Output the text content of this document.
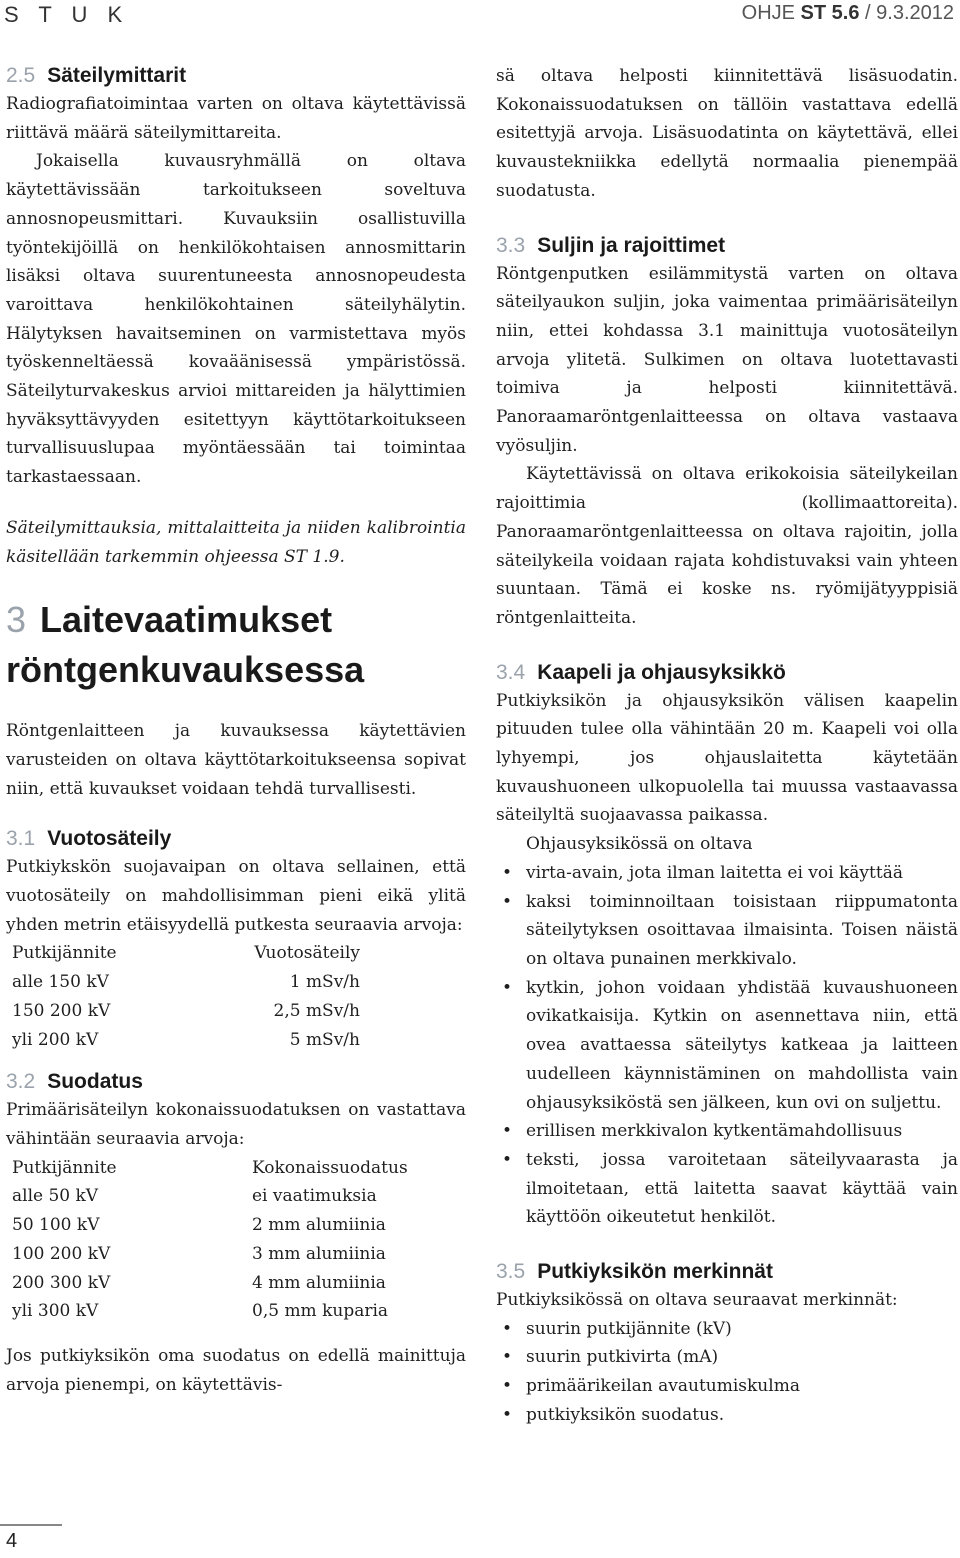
S T U K	OHJE ST 5.6 / 9.3.2012
2.5 Säteilymittarit

Radiografiatoimintaa varten on oltava käytettävissä riittävä määrä säteilymittareita.

Jokaisella kuvausryhmällä on oltava käytettävissään tarkoitukseen soveltuva annosnopeusmittari. Kuvauksiin osallistuvilla työntekijöillä on henkilökohtaisen annosmittarin lisäksi oltava suurentuneesta annosnopeudesta varoittava henkilökohtainen säteilyhälytin. Hälytyksen havaitseminen on varmistettava myös työskenneltäessä kovaäänisessä ympäristössä. Säteilyturvakeskus arvioi mittareiden ja hälyttimien hyväksyttävyyden esitettyyn käyttötarkoitukseen turvallisuuslupaa myöntäessään tai toimintaa tarkastaessaan.

Säteilymittauksia, mittalaitteita ja niiden kalibrointia käsitellään tarkemmin ohjeessa ST 1.9.

3 Laitevaatimukset
röntgenkuvauksessa

Röntgenlaitteen ja kuvauksessa käytettävien varusteiden on oltava käyttötarkoitukseensa sopivat niin, että kuvaukset voidaan tehdä turvallisesti.

3.1 Vuotosäteily

Putkiykskön suojavaipan on oltava sellainen, että vuotosäteily on mahdollisimman pieni eikä ylitä yhden metrin etäisyydellä putkesta seuraavia arvoja:

Putkijännite	Vuotosäteily
alle 150 kV	1 mSv/h
150 200 kV	2,5 mSv/h
yli 200 kV	5 mSv/h
3.2 Suodatus

Primäärisäteilyn kokonaissuodatuksen on vastattava vähintään seuraavia arvoja:

Putkijännite	Kokonaissuodatus
alle 50 kV	ei vaatimuksia
50 100 kV	2 mm alumiinia
100 200 kV	3 mm alumiinia
200 300 kV	4 mm alumiinia
yli 300 kV	0,5 mm kuparia

Jos putkiyksikön oma suodatus on edellä mainittuja arvoja pienempi, on käytettävis-

sä oltava helposti kiinnitettävä lisäsuodatin. Kokonaissuodatuksen on tällöin vastattava edellä esitettyjä arvoja. Lisäsuodatinta on käytettävä, ellei kuvaustekniikka edellytä normaalia pienempää suodatusta.

3.3 Suljin ja rajoittimet

Röntgenputken esilämmitystä varten on oltava säteilyaukon suljin, joka vaimentaa primäärisäteilyn niin, ettei kohdassa 3.1 mainittuja vuotosäteilyn arvoja ylitetä. Sulkimen on oltava luotettavasti toimiva ja helposti kiinnitettävä. Panoraamaröntgenlaitteessa on oltava vastaava vyösuljin.

Käytettävissä on oltava erikokoisia säteilykeilan rajoittimia (kollimaattoreita). Panoraamaröntgenlaitteessa on oltava rajoitin, jolla säteilykeila voidaan rajata kohdistuvaksi vain yhteen suuntaan. Tämä ei koske ns. ryömijätyyppisiä röntgenlaitteita.

3.4 Kaapeli ja ohjausyksikkö

Putkiyksikön ja ohjausyksikön välisen kaapelin pituuden tulee olla vähintään 20 m. Kaapeli voi olla lyhyempi, jos ohjauslaitetta käytetään kuvaushuoneen ulkopuolella tai muussa vastaavassa säteilyltä suojaavassa paikassa.

Ohjausyksikössä on oltava

• virta-avain, jota ilman laitetta ei voi käyttää
• kaksi toiminnoiltaan toisistaan riippumatonta säteilytyksen osoittavaa ilmaisinta. Toisen näistä on oltava punainen merkkivalo.
• kytkin, johon voidaan yhdistää kuvaushuoneen ovikatkaisija. Kytkin on asennettava niin, että ovea avattaessa säteilytys katkeaa ja laitteen uudelleen käynnistäminen on mahdollista vain ohjausyksiköstä sen jälkeen, kun ovi on suljettu.
• erillisen merkkivalon kytkentämahdollisuus
• teksti, jossa varoitetaan säteilyvaarasta ja ilmoitetaan, että laitetta saavat käyttää vain käyttöön oikeutetut henkilöt.
3.5 Putkiyksikön merkinnät

Putkiyksikössä on oltava seuraavat merkinnät:

• suurin putkijännite (kV)
• suurin putkivirta (mA)
• primäärikeilan avautumiskulma
• putkiyksikön suodatus.
4
